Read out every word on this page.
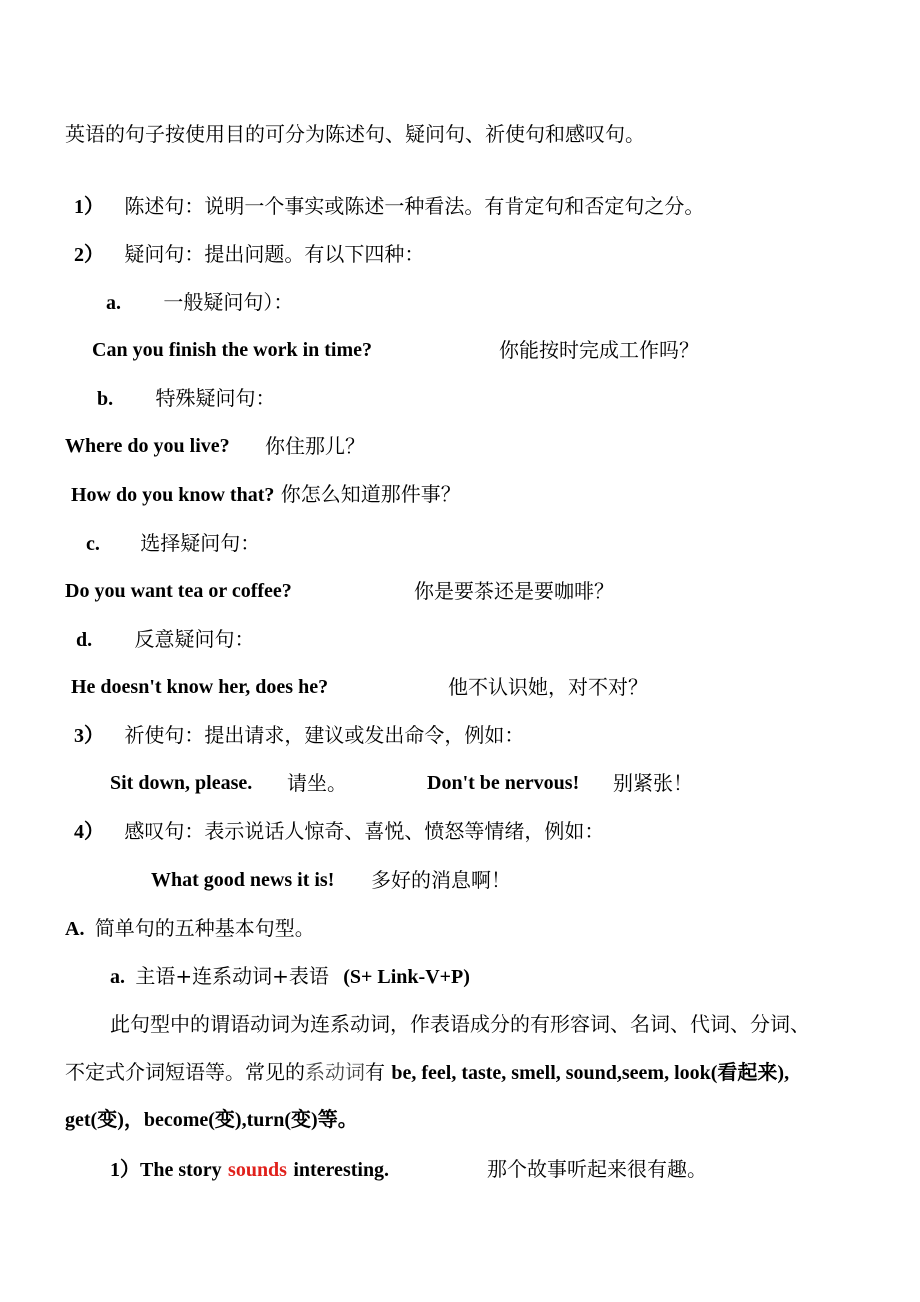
英语的句子按使用目的可分为陈述句、疑问句、祈使句和感叹句。
1） 陈述句：说明一个事实或陈述一种看法。有肯定句和否定句之分。
2） 疑问句：提出问题。有以下四种：
a. 一般疑问句）：
Can you finish the work in time?	你能按时完成工作吗？
b. 特殊疑问句：
Where do you live? 你住那儿？
How do you know that? 你怎么知道那件事？
c. 选择疑问句：
Do you want tea or coffee?	你是要茶还是要咖啡？
d. 反意疑问句：
He doesn't know her, does he?	他不认识她，对不对？
3） 祈使句：提出请求，建议或发出命令，例如：
Sit down, please. 请坐。	Don't be nervous! 别紧张！
4） 感叹句：表示说话人惊奇、喜悦、愤怒等情绪，例如：
What good news it is! 多好的消息啊！
A. 简单句的五种基本句型。
a. 主语+连系动词+表语 (S+ Link-V+P)
此句型中的谓语动词为连系动词，作表语成分的有形容词、名词、代词、分词、
不定式介词短语等。常见的系动词有 be, feel, taste, smell, sound,seem, look(看起来),
get(变)，become(变),turn(变)等。
1）The story sounds interesting.	那个故事听起来很有趣。
